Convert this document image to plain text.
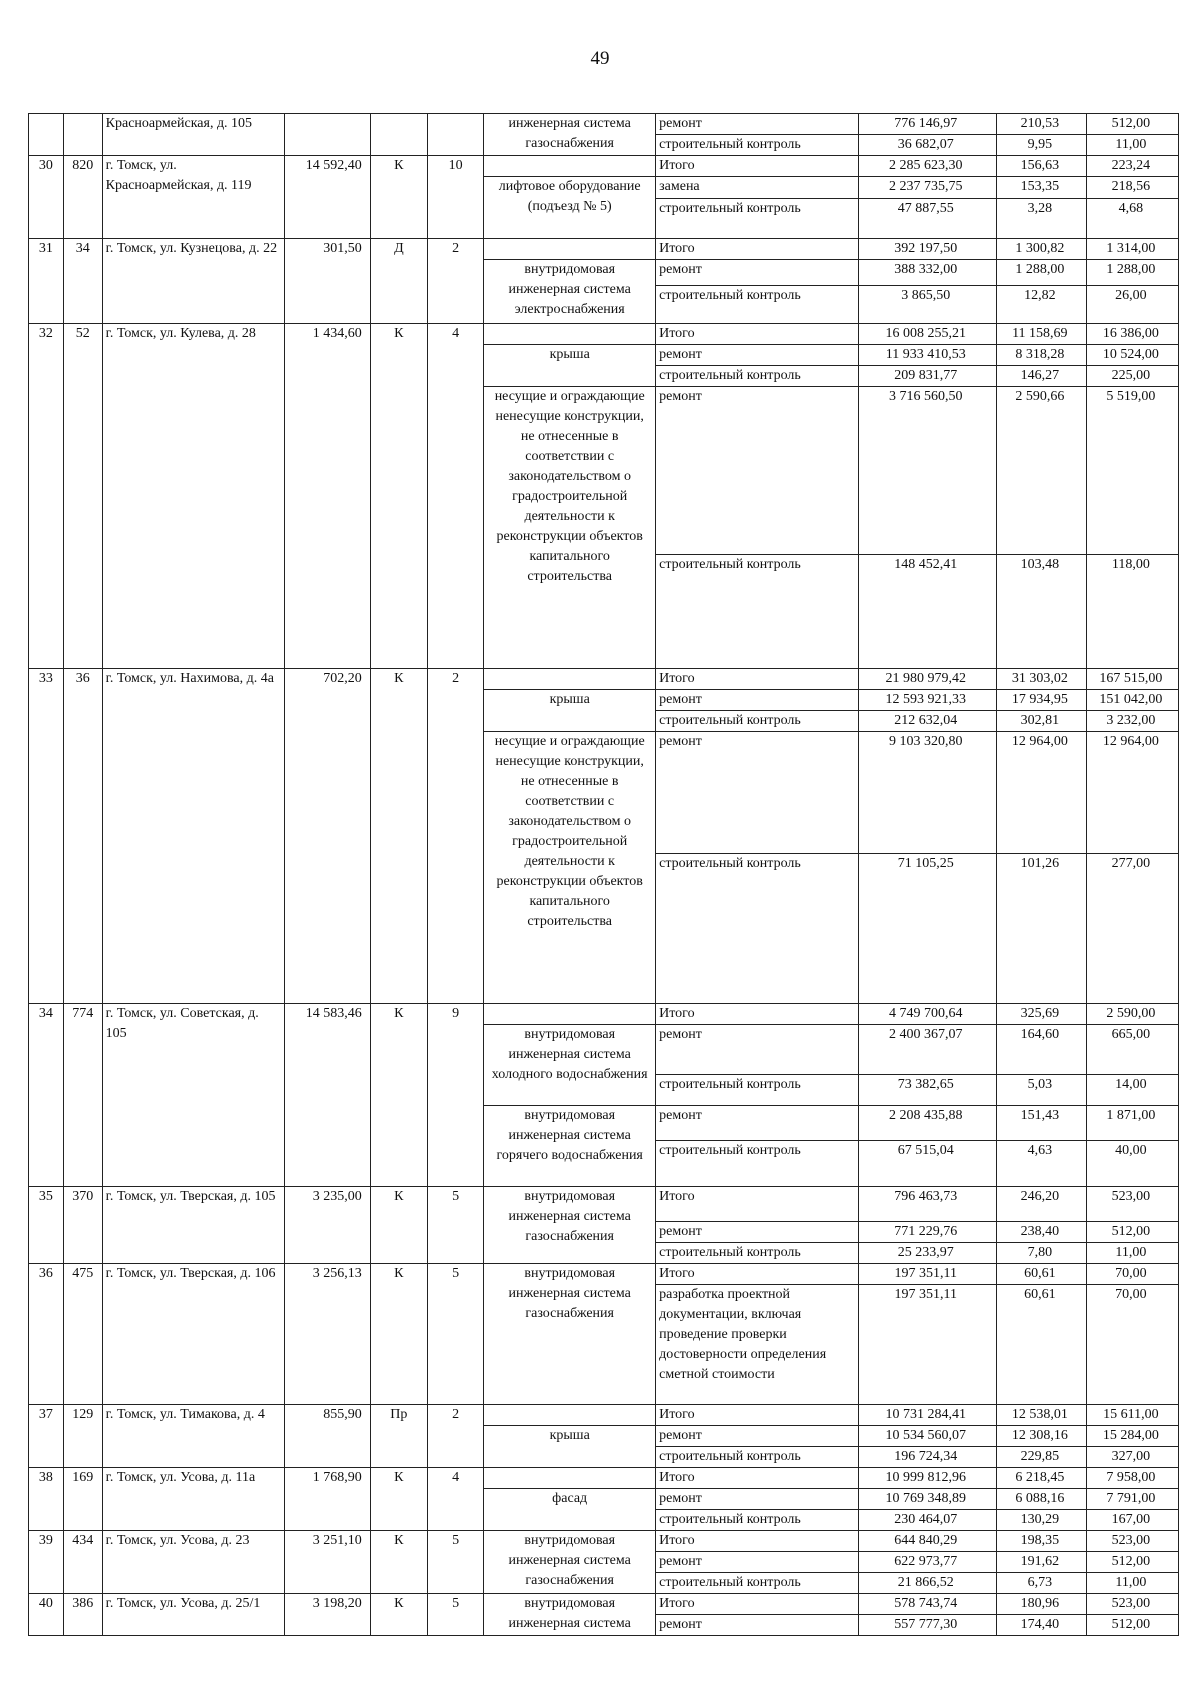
49
		Красноармейская, д. 105				инженерная система газоснабжения	ремонт	776 146,97	210,53	512,00
							строительный контроль	36 682,07	9,95	11,00
30	820	г. Томск, ул. Красноармейская, д. 119	14 592,40	К	10		Итого	2 285 623,30	156,63	223,24
						лифтовое оборудование (подъезд № 5)	замена	2 237 735,75	153,35	218,56
							строительный контроль	47 887,55	3,28	4,68
31	34	г. Томск, ул. Кузнецова, д. 22	301,50	Д	2		Итого	392 197,50	1 300,82	1 314,00
						внутридомовая инженерная система электроснабжения	ремонт	388 332,00	1 288,00	1 288,00
							строительный контроль	3 865,50	12,82	26,00
32	52	г. Томск, ул. Кулева, д. 28	1 434,60	К	4		Итого	16 008 255,21	11 158,69	16 386,00
						крыша	ремонт	11 933 410,53	8 318,28	10 524,00
							строительный контроль	209 831,77	146,27	225,00
						несущие и ограждающие ненесущие конструкции, не отнесенные в соответствии с законодательством о градостроительной деятельности к реконструкции объектов капитального строительства	ремонт	3 716 560,50	2 590,66	5 519,00
							строительный контроль	148 452,41	103,48	118,00
33	36	г. Томск, ул. Нахимова, д. 4а	702,20	К	2		Итого	21 980 979,42	31 303,02	167 515,00
						крыша	ремонт	12 593 921,33	17 934,95	151 042,00
							строительный контроль	212 632,04	302,81	3 232,00
						несущие и ограждающие ненесущие конструкции, не отнесенные в соответствии с законодательством о градостроительной деятельности к реконструкции объектов капитального строительства	ремонт	9 103 320,80	12 964,00	12 964,00
							строительный контроль	71 105,25	101,26	277,00
34	774	г. Томск, ул. Советская, д. 105	14 583,46	К	9		Итого	4 749 700,64	325,69	2 590,00
						внутридомовая инженерная система холодного водоснабжения	ремонт	2 400 367,07	164,60	665,00
							строительный контроль	73 382,65	5,03	14,00
						внутридомовая инженерная система горячего водоснабжения	ремонт	2 208 435,88	151,43	1 871,00
							строительный контроль	67 515,04	4,63	40,00
35	370	г. Томск, ул. Тверская, д. 105	3 235,00	К	5	внутридомовая инженерная система газоснабжения	Итого	796 463,73	246,20	523,00
							ремонт	771 229,76	238,40	512,00
							строительный контроль	25 233,97	7,80	11,00
36	475	г. Томск, ул. Тверская, д. 106	3 256,13	К	5	внутридомовая инженерная система газоснабжения	Итого	197 351,11	60,61	70,00
							разработка проектной документации, включая проведение проверки достоверности определения сметной стоимости	197 351,11	60,61	70,00
37	129	г. Томск, ул. Тимакова, д. 4	855,90	Пр	2		Итого	10 731 284,41	12 538,01	15 611,00
						крыша	ремонт	10 534 560,07	12 308,16	15 284,00
							строительный контроль	196 724,34	229,85	327,00
38	169	г. Томск, ул. Усова, д. 11а	1 768,90	К	4		Итого	10 999 812,96	6 218,45	7 958,00
						фасад	ремонт	10 769 348,89	6 088,16	7 791,00
							строительный контроль	230 464,07	130,29	167,00
39	434	г. Томск, ул. Усова, д. 23	3 251,10	К	5	внутридомовая инженерная система газоснабжения	Итого	644 840,29	198,35	523,00
							ремонт	622 973,77	191,62	512,00
							строительный контроль	21 866,52	6,73	11,00
40	386	г. Томск, ул. Усова, д. 25/1	3 198,20	К	5	внутридомовая инженерная система	Итого	578 743,74	180,96	523,00
							ремонт	557 777,30	174,40	512,00
